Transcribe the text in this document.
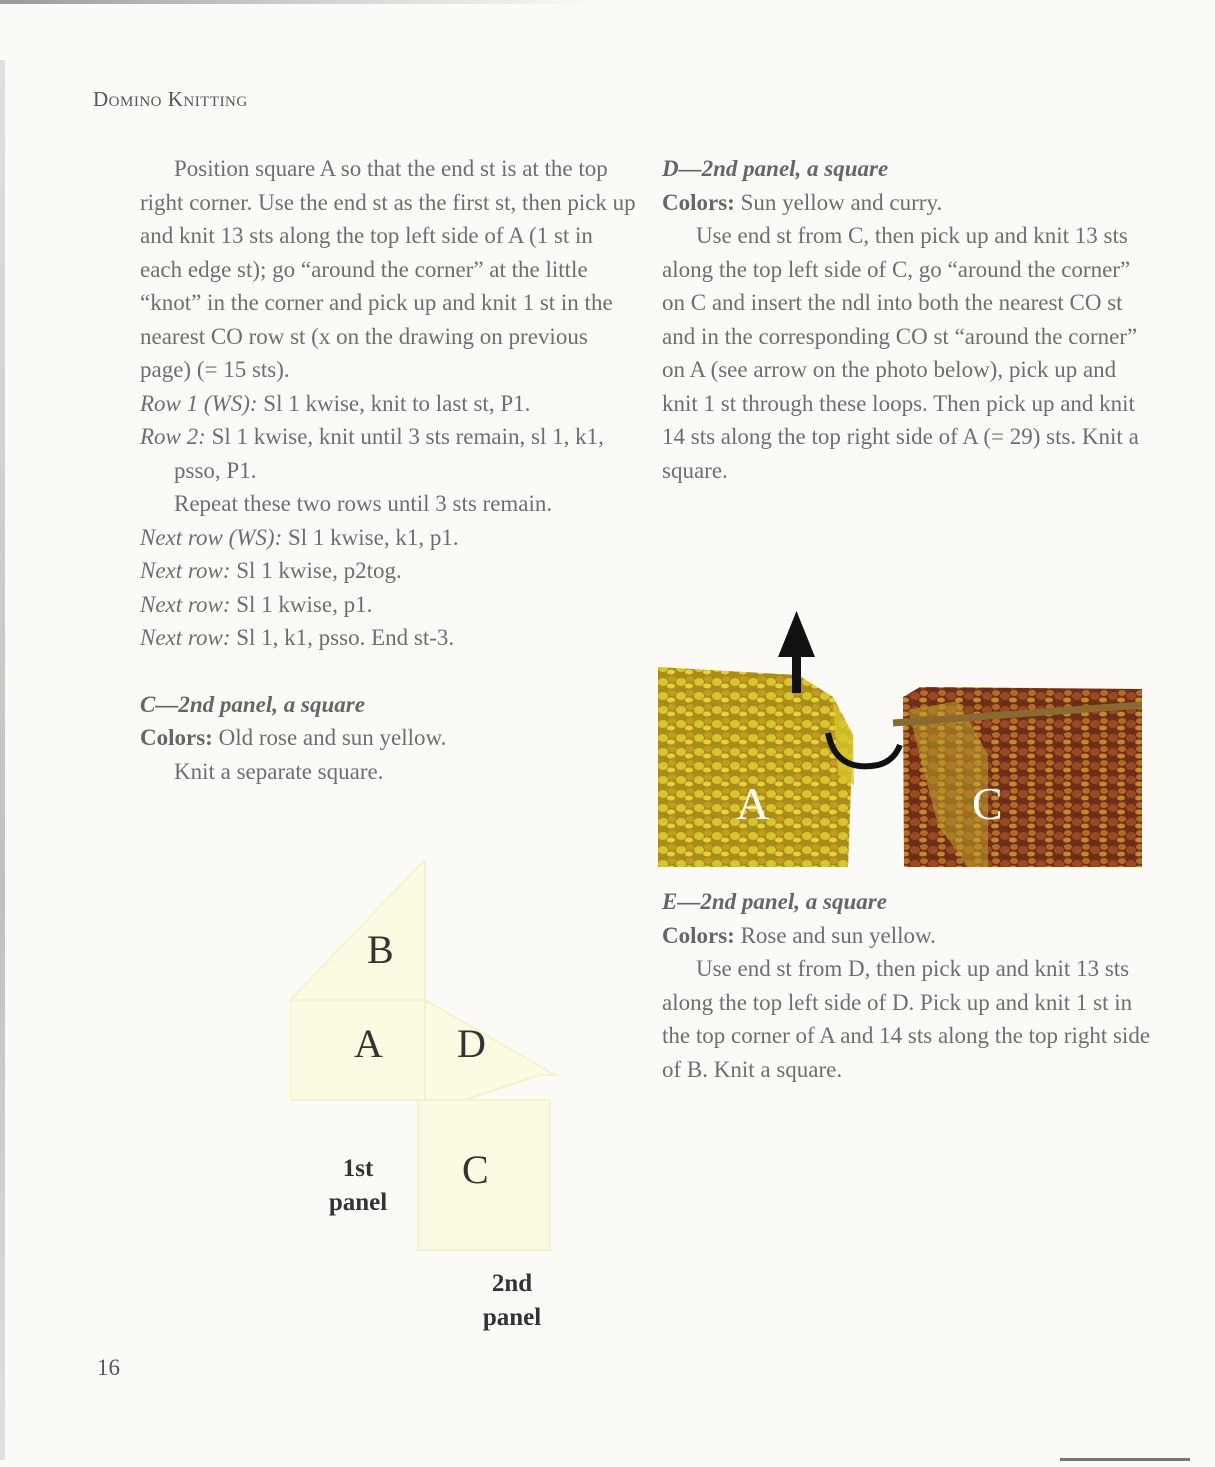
Domino Knitting

Position square A so that the end st is at the top right corner. Use the end st as the first st, then pick up and knit 13 sts along the top left side of A (1 st in each edge st); go “around the corner” at the little “knot” in the corner and pick up and knit 1 st in the nearest CO row st (x on the drawing on previous page) (= 15 sts).

Row 1 (WS): Sl 1 kwise, knit to last st, P1.

Row 2: Sl 1 kwise, knit until 3 sts remain, sl 1, k1, psso, P1.

Repeat these two rows until 3 sts remain.

Next row (WS): Sl 1 kwise, k1, p1.

Next row: Sl 1 kwise, p2tog.

Next row: Sl 1 kwise, p1.

Next row: Sl 1, k1, psso. End st-3.

C—2nd panel, a square

Colors: Old rose and sun yellow.

Knit a separate square.

D—2nd panel, a square

Colors: Sun yellow and curry.

Use end st from C, then pick up and knit 13 sts along the top left side of C, go “around the corner” on C and insert the ndl into both the nearest CO st and in the corresponding CO st “around the corner” on A (see arrow on the photo below), pick up and knit 1 st through these loops. Then pick up and knit 14 sts along the top right side of A (= 29) sts. Knit a square.

E—2nd panel, a square

Colors: Rose and sun yellow.

Use end st from D, then pick up and knit 13 sts along the top left side of D. Pick up and knit 1 st in the top corner of A and 14 sts along the top right side of B. Knit a square.

A	C
B
A D
C
1st
panel
2nd
panel
16
